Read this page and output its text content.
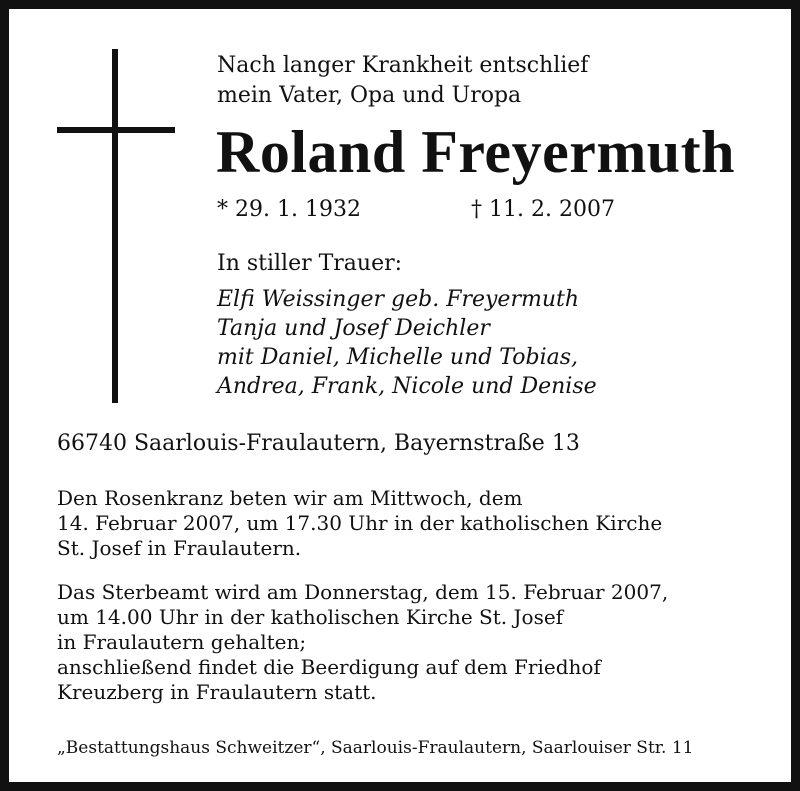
Nach langer Krankheit entschlief
mein Vater, Opa und Uropa
Roland Freyermuth
* 29. 1. 1932	† 11. 2. 2007
In stiller Trauer:
Elfi Weissinger geb. Freyermuth
Tanja und Josef Deichler
mit Daniel, Michelle und Tobias,
Andrea, Frank, Nicole und Denise
66740 Saarlouis-Fraulautern, Bayernstraße 13
Den Rosenkranz beten wir am Mittwoch, dem
14. Februar 2007, um 17.30 Uhr in der katholischen Kirche
St. Josef in Fraulautern.
Das Sterbeamt wird am Donnerstag, dem 15. Februar 2007,
um 14.00 Uhr in der katholischen Kirche St. Josef
in Fraulautern gehalten;
anschließend findet die Beerdigung auf dem Friedhof
Kreuzberg in Fraulautern statt.
„Bestattungshaus Schweitzer“, Saarlouis-Fraulautern, Saarlouiser Str. 11
